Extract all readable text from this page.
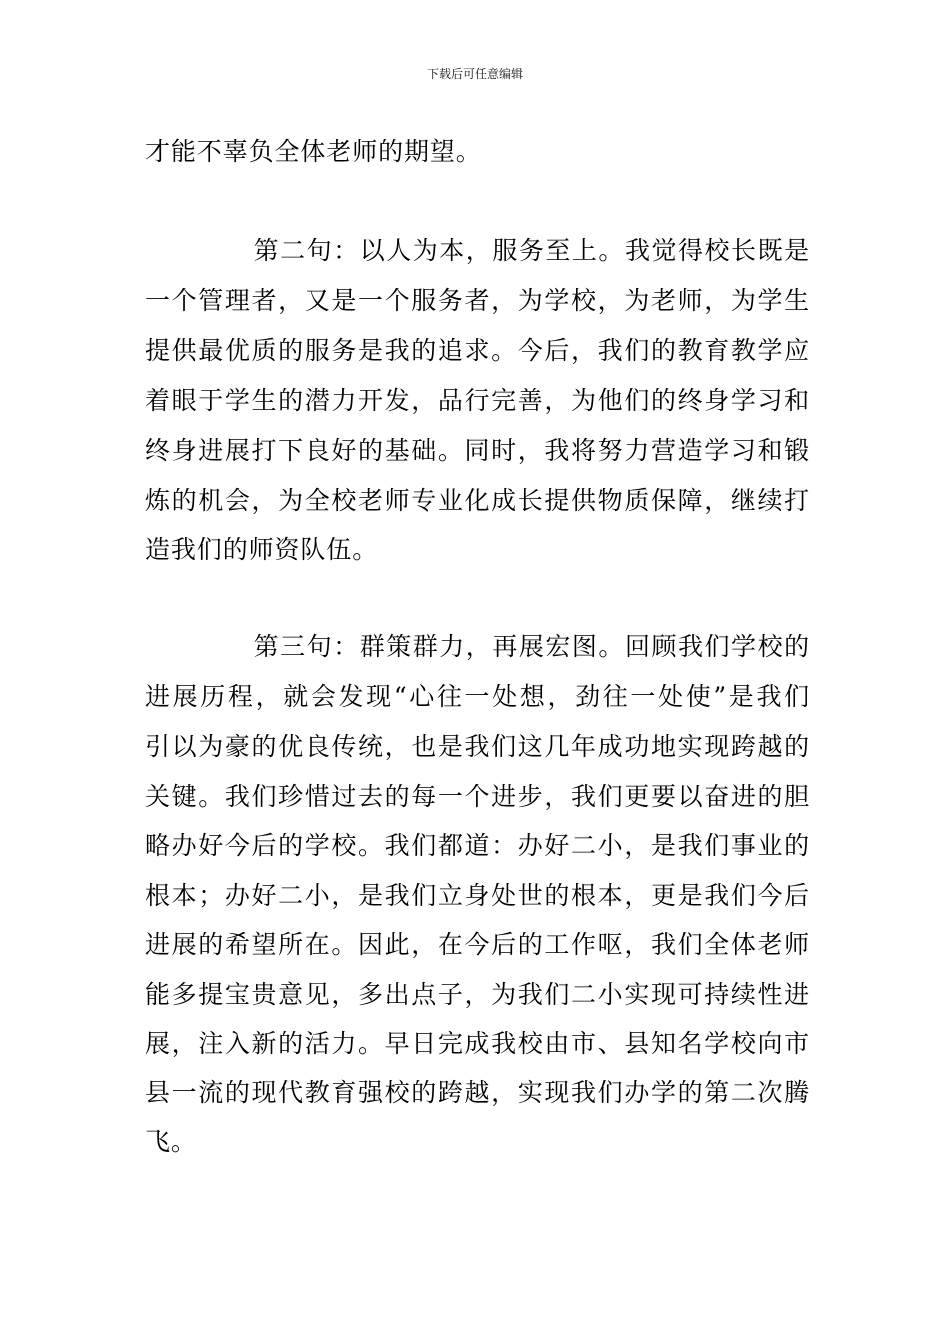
下载后可任意编辑
才能不辜负全体老师的期望。
第二句：以人为本，服务至上。我觉得校长既是
一个管理者，又是一个服务者，为学校，为老师，为学生
提供最优质的服务是我的追求。今后，我们的教育教学应
着眼于学生的潜力开发，品行完善，为他们的终身学习和
终身进展打下良好的基础。同时，我将努力营造学习和锻
炼的机会，为全校老师专业化成长提供物质保障，继续打
造我们的师资队伍。
第三句：群策群力，再展宏图。回顾我们学校的
进展历程，就会发现“心往一处想，劲往一处使”是我们
引以为豪的优良传统，也是我们这几年成功地实现跨越的
关键。我们珍惜过去的每一个进步，我们更要以奋进的胆
略办好今后的学校。我们都道：办好二小，是我们事业的
根本；办好二小，是我们立身处世的根本，更是我们今后
进展的希望所在。因此，在今后的工作呕，我们全体老师
能多提宝贵意见，多出点子，为我们二小实现可持续性进
展，注入新的活力。早日完成我校由市、县知名学校向市
县一流的现代教育强校的跨越，实现我们办学的第二次腾
飞。
